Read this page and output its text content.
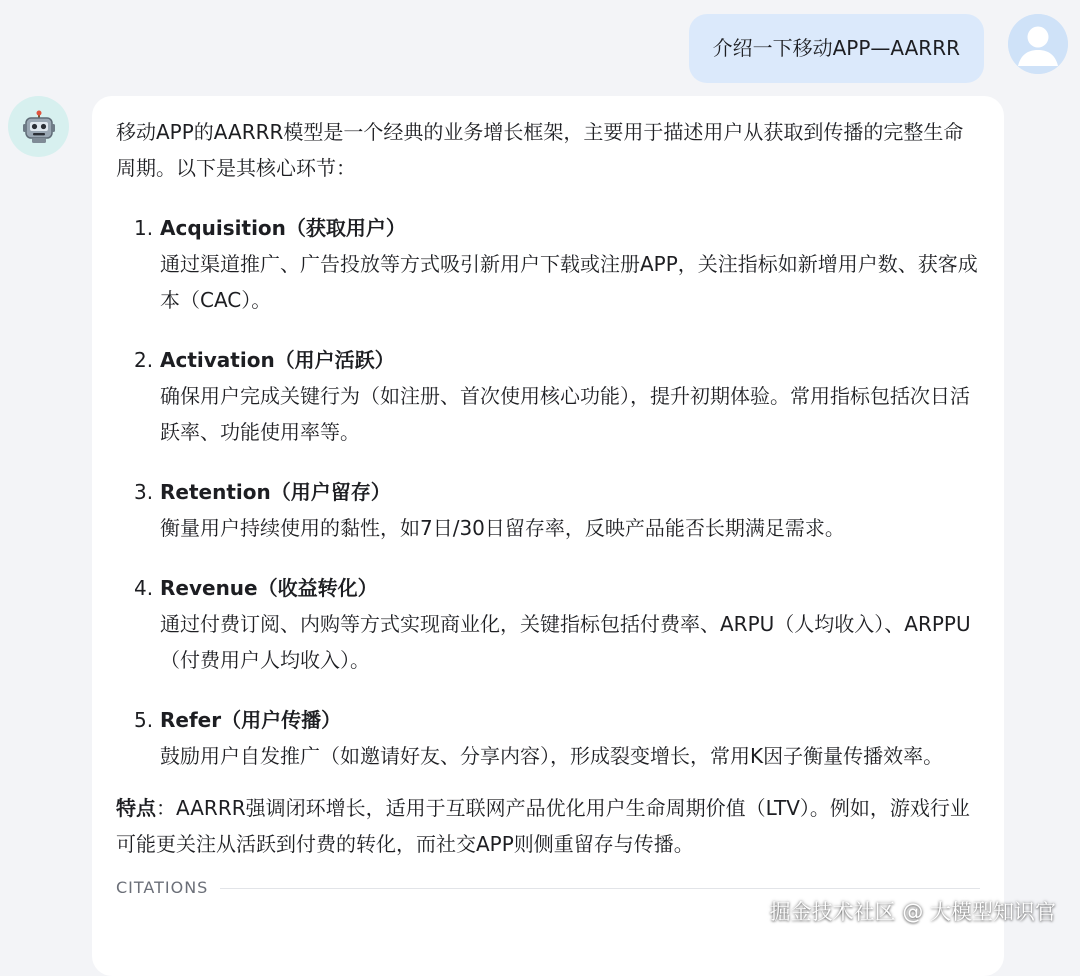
介绍一下移动APP—AARRR

移动APP的AARRR模型是一个经典的业务增长框架，主要用于描述用户从获取到传播的完整生命周期。以下是其核心环节：

1. Acquisition（获取用户）
通过渠道推广、广告投放等方式吸引新用户下载或注册APP，关注指标如新增用户数、获客成本（CAC）。
2. Activation（用户活跃）
确保用户完成关键行为（如注册、首次使用核心功能），提升初期体验。常用指标包括次日活跃率、功能使用率等。
3. Retention（用户留存）
衡量用户持续使用的黏性，如7日/30日留存率，反映产品能否长期满足需求。
4. Revenue（收益转化）
通过付费订阅、内购等方式实现商业化，关键指标包括付费率、ARPU（人均收入）、ARPPU（付费用户人均收入）。
5. Refer（用户传播）
鼓励用户自发推广（如邀请好友、分享内容），形成裂变增长，常用K因子衡量传播效率。
特点：AARRR强调闭环增长，适用于互联网产品优化用户生命周期价值（LTV）。例如，游戏行业可能更关注从活跃到付费的转化，而社交APP则侧重留存与传播。
CITATIONS
掘金技术社区 @ 大模型知识官
